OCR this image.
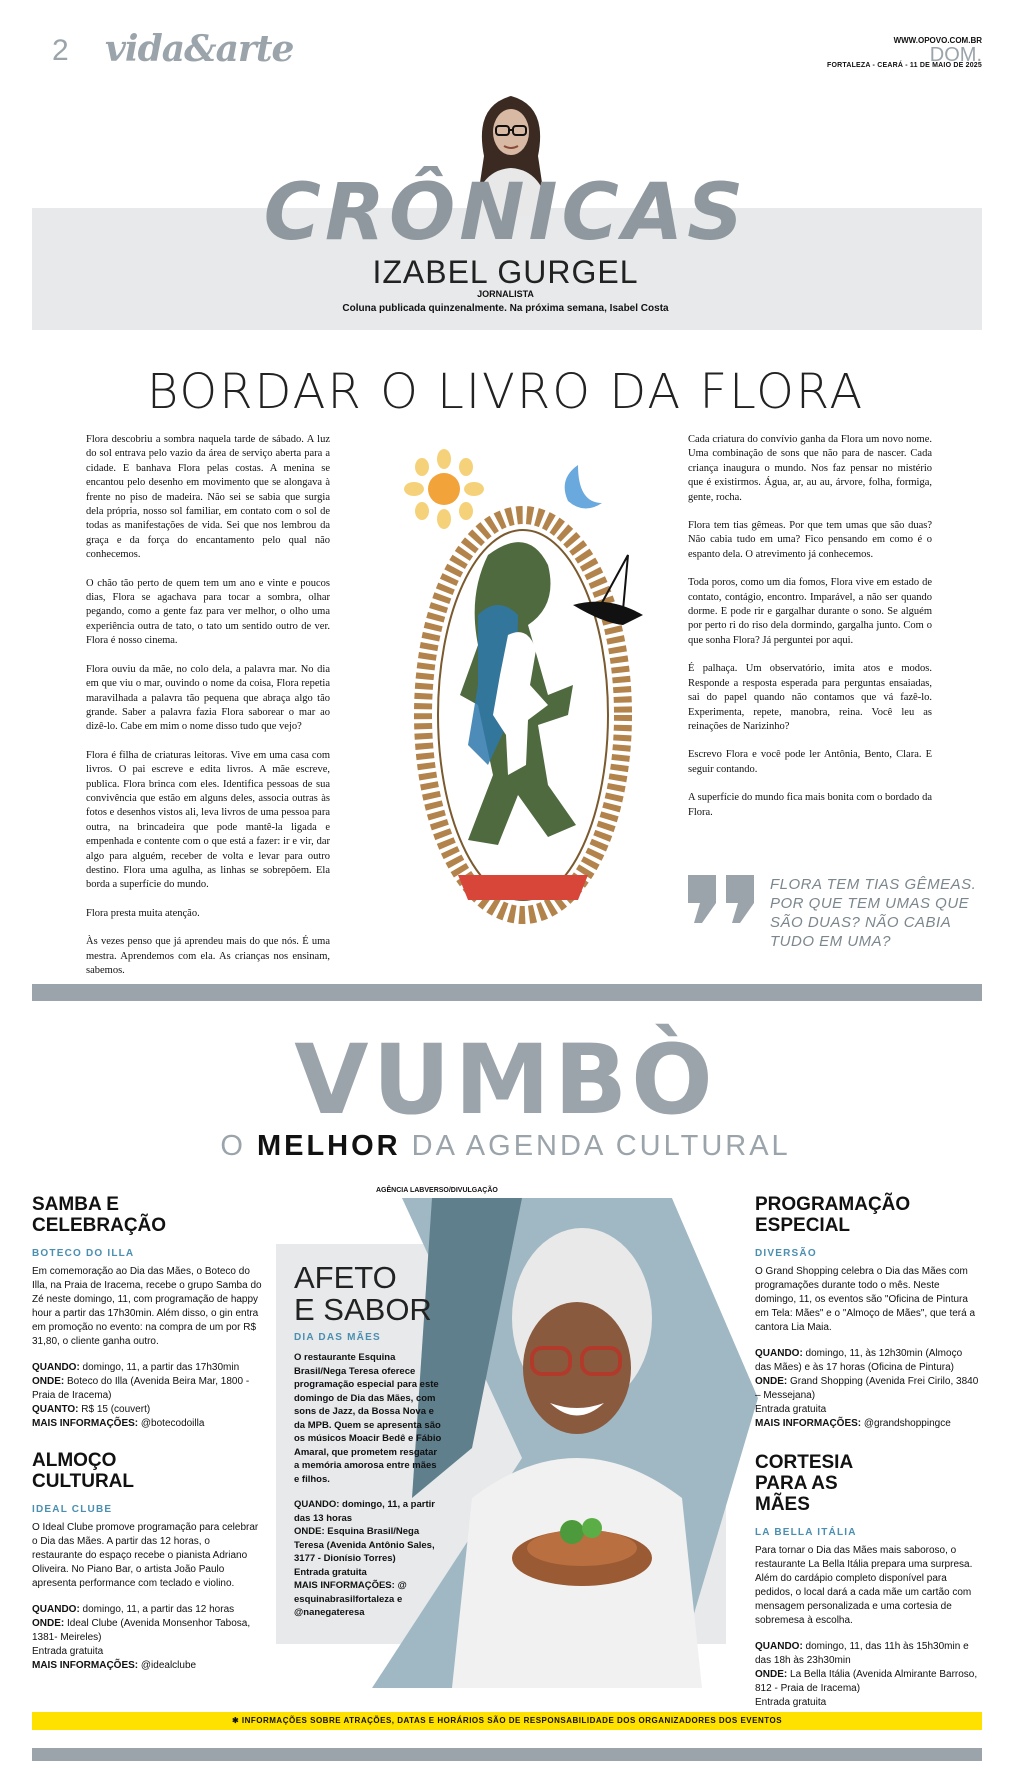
2 vida&arte	WWW.OPOVO.COM.BR
DOM.
FORTALEZA - CEARÁ - 11 DE MAIO DE 2025
CRÔNICAS
IZABEL GURGEL
JORNALISTA
Coluna publicada quinzenalmente. Na próxima semana, Isabel Costa
BORDAR O LIVRO DA FLORA

Flora descobriu a sombra naquela tarde de sábado. A luz do sol entrava pelo vazio da área de serviço aberta para a cidade. E banhava Flora pelas costas. A menina se encantou pelo desenho em movimento que se alongava à frente no piso de madeira. Não sei se sabia que surgia dela própria, nosso sol familiar, em contato com o sol de todas as manifestações de vida. Sei que nos lembrou da graça e da força do encantamento pelo qual não conhecemos.

O chão tão perto de quem tem um ano e vinte e poucos dias, Flora se agachava para tocar a sombra, olhar pegando, como a gente faz para ver melhor, o olho uma experiência outra de tato, o tato um sentido outro de ver. Flora é nosso cinema.

Flora ouviu da mãe, no colo dela, a palavra mar. No dia em que viu o mar, ouvindo o nome da coisa, Flora repetia maravilhada a palavra tão pequena que abraça algo tão grande. Saber a palavra fazia Flora saborear o mar ao dizê-lo. Cabe em mim o nome disso tudo que vejo?

Flora é filha de criaturas leitoras. Vive em uma casa com livros. O pai escreve e edita livros. A mãe escreve, publica. Flora brinca com eles. Identifica pessoas de sua convivência que estão em alguns deles, associa outras às fotos e desenhos vistos ali, leva livros de uma pessoa para outra, na brincadeira que pode mantê-la ligada e empenhada e contente com o que está a fazer: ir e vir, dar algo para alguém, receber de volta e levar para outro destino. Flora uma agulha, as linhas se sobrepõem. Ela borda a superfície do mundo.

Flora presta muita atenção.

Às vezes penso que já aprendeu mais do que nós. É uma mestra. Aprendemos com ela. As crianças nos ensinam, sabemos.

Cada criatura do convívio ganha da Flora um novo nome. Uma combinação de sons que não para de nascer. Cada criança inaugura o mundo. Nos faz pensar no mistério que é existirmos. Água, ar, au au, árvore, folha, formiga, gente, rocha.

Flora tem tias gêmeas. Por que tem umas que são duas? Não cabia tudo em uma? Fico pensando em como é o espanto dela. O atrevimento já conhecemos.

Toda poros, como um dia fomos, Flora vive em estado de contato, contágio, encontro. Imparável, a não ser quando dorme. E pode rir e gargalhar durante o sono. Se alguém por perto ri do riso dela dormindo, gargalha junto. Com o que sonha Flora? Já perguntei por aqui.

É palhaça. Um observatório, imita atos e modos. Responde a resposta esperada para perguntas ensaiadas, sai do papel quando não contamos que vá fazê-lo. Experimenta, repete, manobra, reina. Você leu as reinações de Narizinho?

Escrevo Flora e você pode ler Antônia, Bento, Clara. E seguir contando.

A superfície do mundo fica mais bonita com o bordado da Flora.

FLORA TEM TIAS GÊMEAS. POR QUE TEM UMAS QUE SÃO DUAS? NÃO CABIA TUDO EM UMA?
VUMBÒ
O MELHOR DA AGENDA CULTURAL
SAMBA E CELEBRAÇÃO
BOTECO DO ILLA

Em comemoração ao Dia das Mães, o Boteco do Illa, na Praia de Iracema, recebe o grupo Samba do Zé neste domingo, 11, com programação de happy hour a partir das 17h30min. Além disso, o gin entra em promoção no evento: na compra de um por R$ 31,80, o cliente ganha outro.

QUANDO: domingo, 11, a partir das 17h30min
ONDE: Boteco do Illa (Avenida Beira Mar, 1800 - Praia de Iracema)
QUANTO: R$ 15 (couvert)
MAIS INFORMAÇÕES: @botecodoilla
ALMOÇO CULTURAL
IDEAL CLUBE

O Ideal Clube promove programação para celebrar o Dia das Mães. A partir das 12 horas, o restaurante do espaço recebe o pianista Adriano Oliveira. No Piano Bar, o artista João Paulo apresenta performance com teclado e violino.

QUANDO: domingo, 11, a partir das 12 horas
ONDE: Ideal Clube (Avenida Monsenhor Tabosa, 1381- Meireles)
Entrada gratuita
MAIS INFORMAÇÕES: @idealclube
AGÊNCIA LABVERSO/DIVULGAÇÃO
AFETO
E SABOR
DIA DAS MÃES

O restaurante Esquina Brasil/Nega Teresa oferece programação especial para este domingo de Dia das Mães, com sons de Jazz, da Bossa Nova e da MPB. Quem se apresenta são os músicos Moacir Bedê e Fábio Amaral, que prometem resgatar a memória amorosa entre mães e filhos.

QUANDO: domingo, 11, a partir das 13 horas
ONDE: Esquina Brasil/Nega Teresa (Avenida Antônio Sales, 3177 - Dionísio Torres)
Entrada gratuita
MAIS INFORMAÇÕES: @ esquinabrasilfortaleza e @nanegateresa
PROGRAMAÇÃO ESPECIAL
DIVERSÃO

O Grand Shopping celebra o Dia das Mães com programações durante todo o mês. Neste domingo, 11, os eventos são "Oficina de Pintura em Tela: Mães" e o "Almoço de Mães", que terá a cantora Lia Maia.

QUANDO: domingo, 11, às 12h30min (Almoço das Mães) e às 17 horas (Oficina de Pintura)
ONDE: Grand Shopping (Avenida Frei Cirilo, 3840 – Messejana)
Entrada gratuita
MAIS INFORMAÇÕES: @grandshoppingce
CORTESIA PARA AS MÃES
LA BELLA ITÁLIA

Para tornar o Dia das Mães mais saboroso, o restaurante La Bella Itália prepara uma surpresa. Além do cardápio completo disponível para pedidos, o local dará a cada mãe um cartão com mensagem personalizada e uma cortesia de sobremesa à escolha.

QUANDO: domingo, 11, das 11h às 15h30min e das 18h às 23h30min
ONDE: La Bella Itália (Avenida Almirante Barroso, 812 - Praia de Iracema)
Entrada gratuita
✱ INFORMAÇÕES SOBRE ATRAÇÕES, DATAS E HORÁRIOS SÃO DE RESPONSABILIDADE DOS ORGANIZADORES DOS EVENTOS
